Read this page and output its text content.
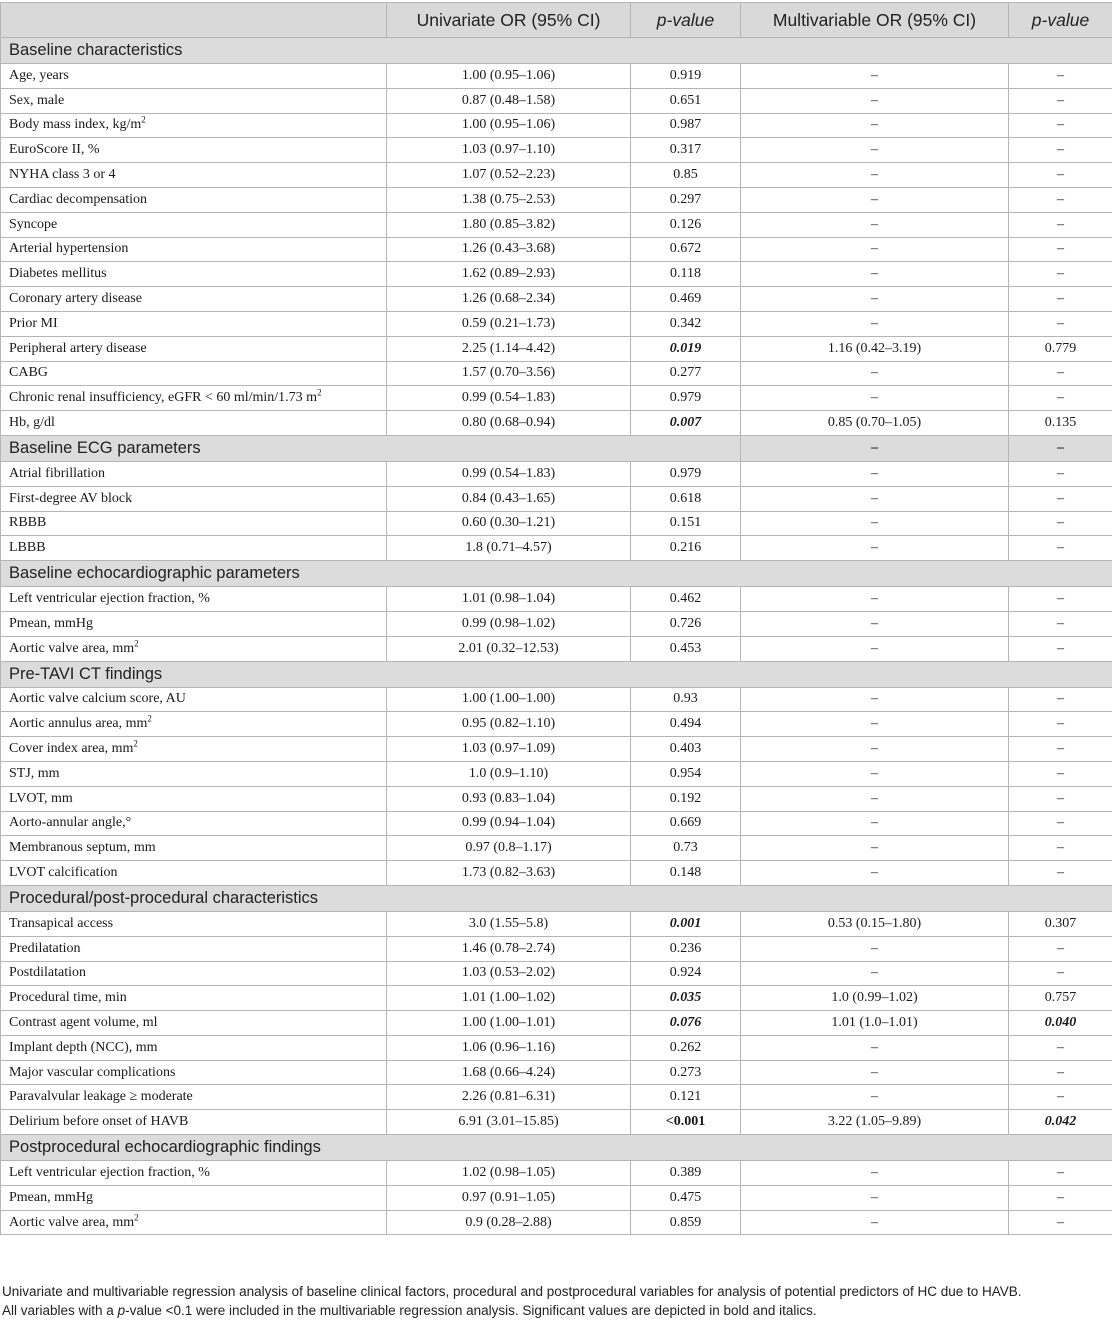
	Univariate OR (95% CI)	p-value	Multivariable OR (95% CI)	p-value
Baseline characteristics				
Age, years	1.00 (0.95–1.06)	0.919	–	–
Sex, male	0.87 (0.48–1.58)	0.651	–	–
Body mass index, $kg/m^2$	1.00 (0.95–1.06)	0.987	–	–
EuroScore II, %	1.03 (0.97–1.10)	0.317	–	–
NYHA class 3 or 4	1.07 (0.52–2.23)	0.85	–	–
Cardiac decompensation	1.38 (0.75–2.53)	0.297	–	–
Syncope	1.80 (0.85–3.82)	0.126	–	–
Arterial hypertension	1.26 (0.43–3.68)	0.672	–	–
Diabetes mellitus	1.62 (0.89–2.93)	0.118	–	–
Coronary artery disease	1.26 (0.68–2.34)	0.469	–	–
Prior MI	0.59 (0.21–1.73)	0.342	–	–
Peripheral artery disease	2.25 (1.14–4.42)	0.019	1.16 (0.42–3.19)	0.779
CABG	1.57 (0.70–3.56)	0.277	–	–
Chronic renal insufficiency, eGFR < 60 ml/min/1.73 $m^2$	0.99 (0.54–1.83)	0.979	–	–
Hb, g/dl	0.80 (0.68–0.94)	0.007	0.85 (0.70–1.05)	0.135
Baseline ECG parameters			–	–
Atrial fibrillation	0.99 (0.54–1.83)	0.979	–	–
First-degree AV block	0.84 (0.43–1.65)	0.618	–	–
RBBB	0.60 (0.30–1.21)	0.151	–	–
LBBB	1.8 (0.71–4.57)	0.216	–	–
Baseline echocardiographic parameters				
Left ventricular ejection fraction, %	1.01 (0.98–1.04)	0.462	–	–
Pmean, mmHg	0.99 (0.98–1.02)	0.726	–	–
Aortic valve area, $mm^2$	2.01 (0.32–12.53)	0.453	–	–
Pre-TAVI CT findings				
Aortic valve calcium score, AU	1.00 (1.00–1.00)	0.93	–	–
Aortic annulus area, $mm^2$	0.95 (0.82–1.10)	0.494	–	–
Cover index area, $mm^2$	1.03 (0.97–1.09)	0.403	–	–
STJ, mm	1.0 (0.9–1.10)	0.954	–	–
LVOT, mm	0.93 (0.83–1.04)	0.192	–	–
Aorto-annular angle,°	0.99 (0.94–1.04)	0.669	–	–
Membranous septum, mm	0.97 (0.8–1.17)	0.73	–	–
LVOT calcification	1.73 (0.82–3.63)	0.148	–	–
Procedural/post-procedural characteristics				
Transapical access	3.0 (1.55–5.8)	0.001	0.53 (0.15–1.80)	0.307
Predilatation	1.46 (0.78–2.74)	0.236	–	–
Postdilatation	1.03 (0.53–2.02)	0.924	–	–
Procedural time, min	1.01 (1.00–1.02)	0.035	1.0 (0.99–1.02)	0.757
Contrast agent volume, ml	1.00 (1.00–1.01)	0.076	1.01 (1.0–1.01)	0.040
Implant depth (NCC), mm	1.06 (0.96–1.16)	0.262	–	–
Major vascular complications	1.68 (0.66–4.24)	0.273	–	–
Paravalvular leakage ≥ moderate	2.26 (0.81–6.31)	0.121	–	–
Delirium before onset of HAVB	6.91 (3.01–15.85)	<0.001	3.22 (1.05–9.89)	0.042
Postprocedural echocardiographic findings				
Left ventricular ejection fraction, %	1.02 (0.98–1.05)	0.389	–	–
Pmean, mmHg	0.97 (0.91–1.05)	0.475	–	–
Aortic valve area, $mm^2$	0.9 (0.28–2.88)	0.859	–	–
Univariate and multivariable regression analysis of baseline clinical factors, procedural and postprocedural variables for analysis of potential predictors of HC due to HAVB.
All variables with a p-value <0.1 were included in the multivariable regression analysis. Significant values are depicted in bold and italics.
